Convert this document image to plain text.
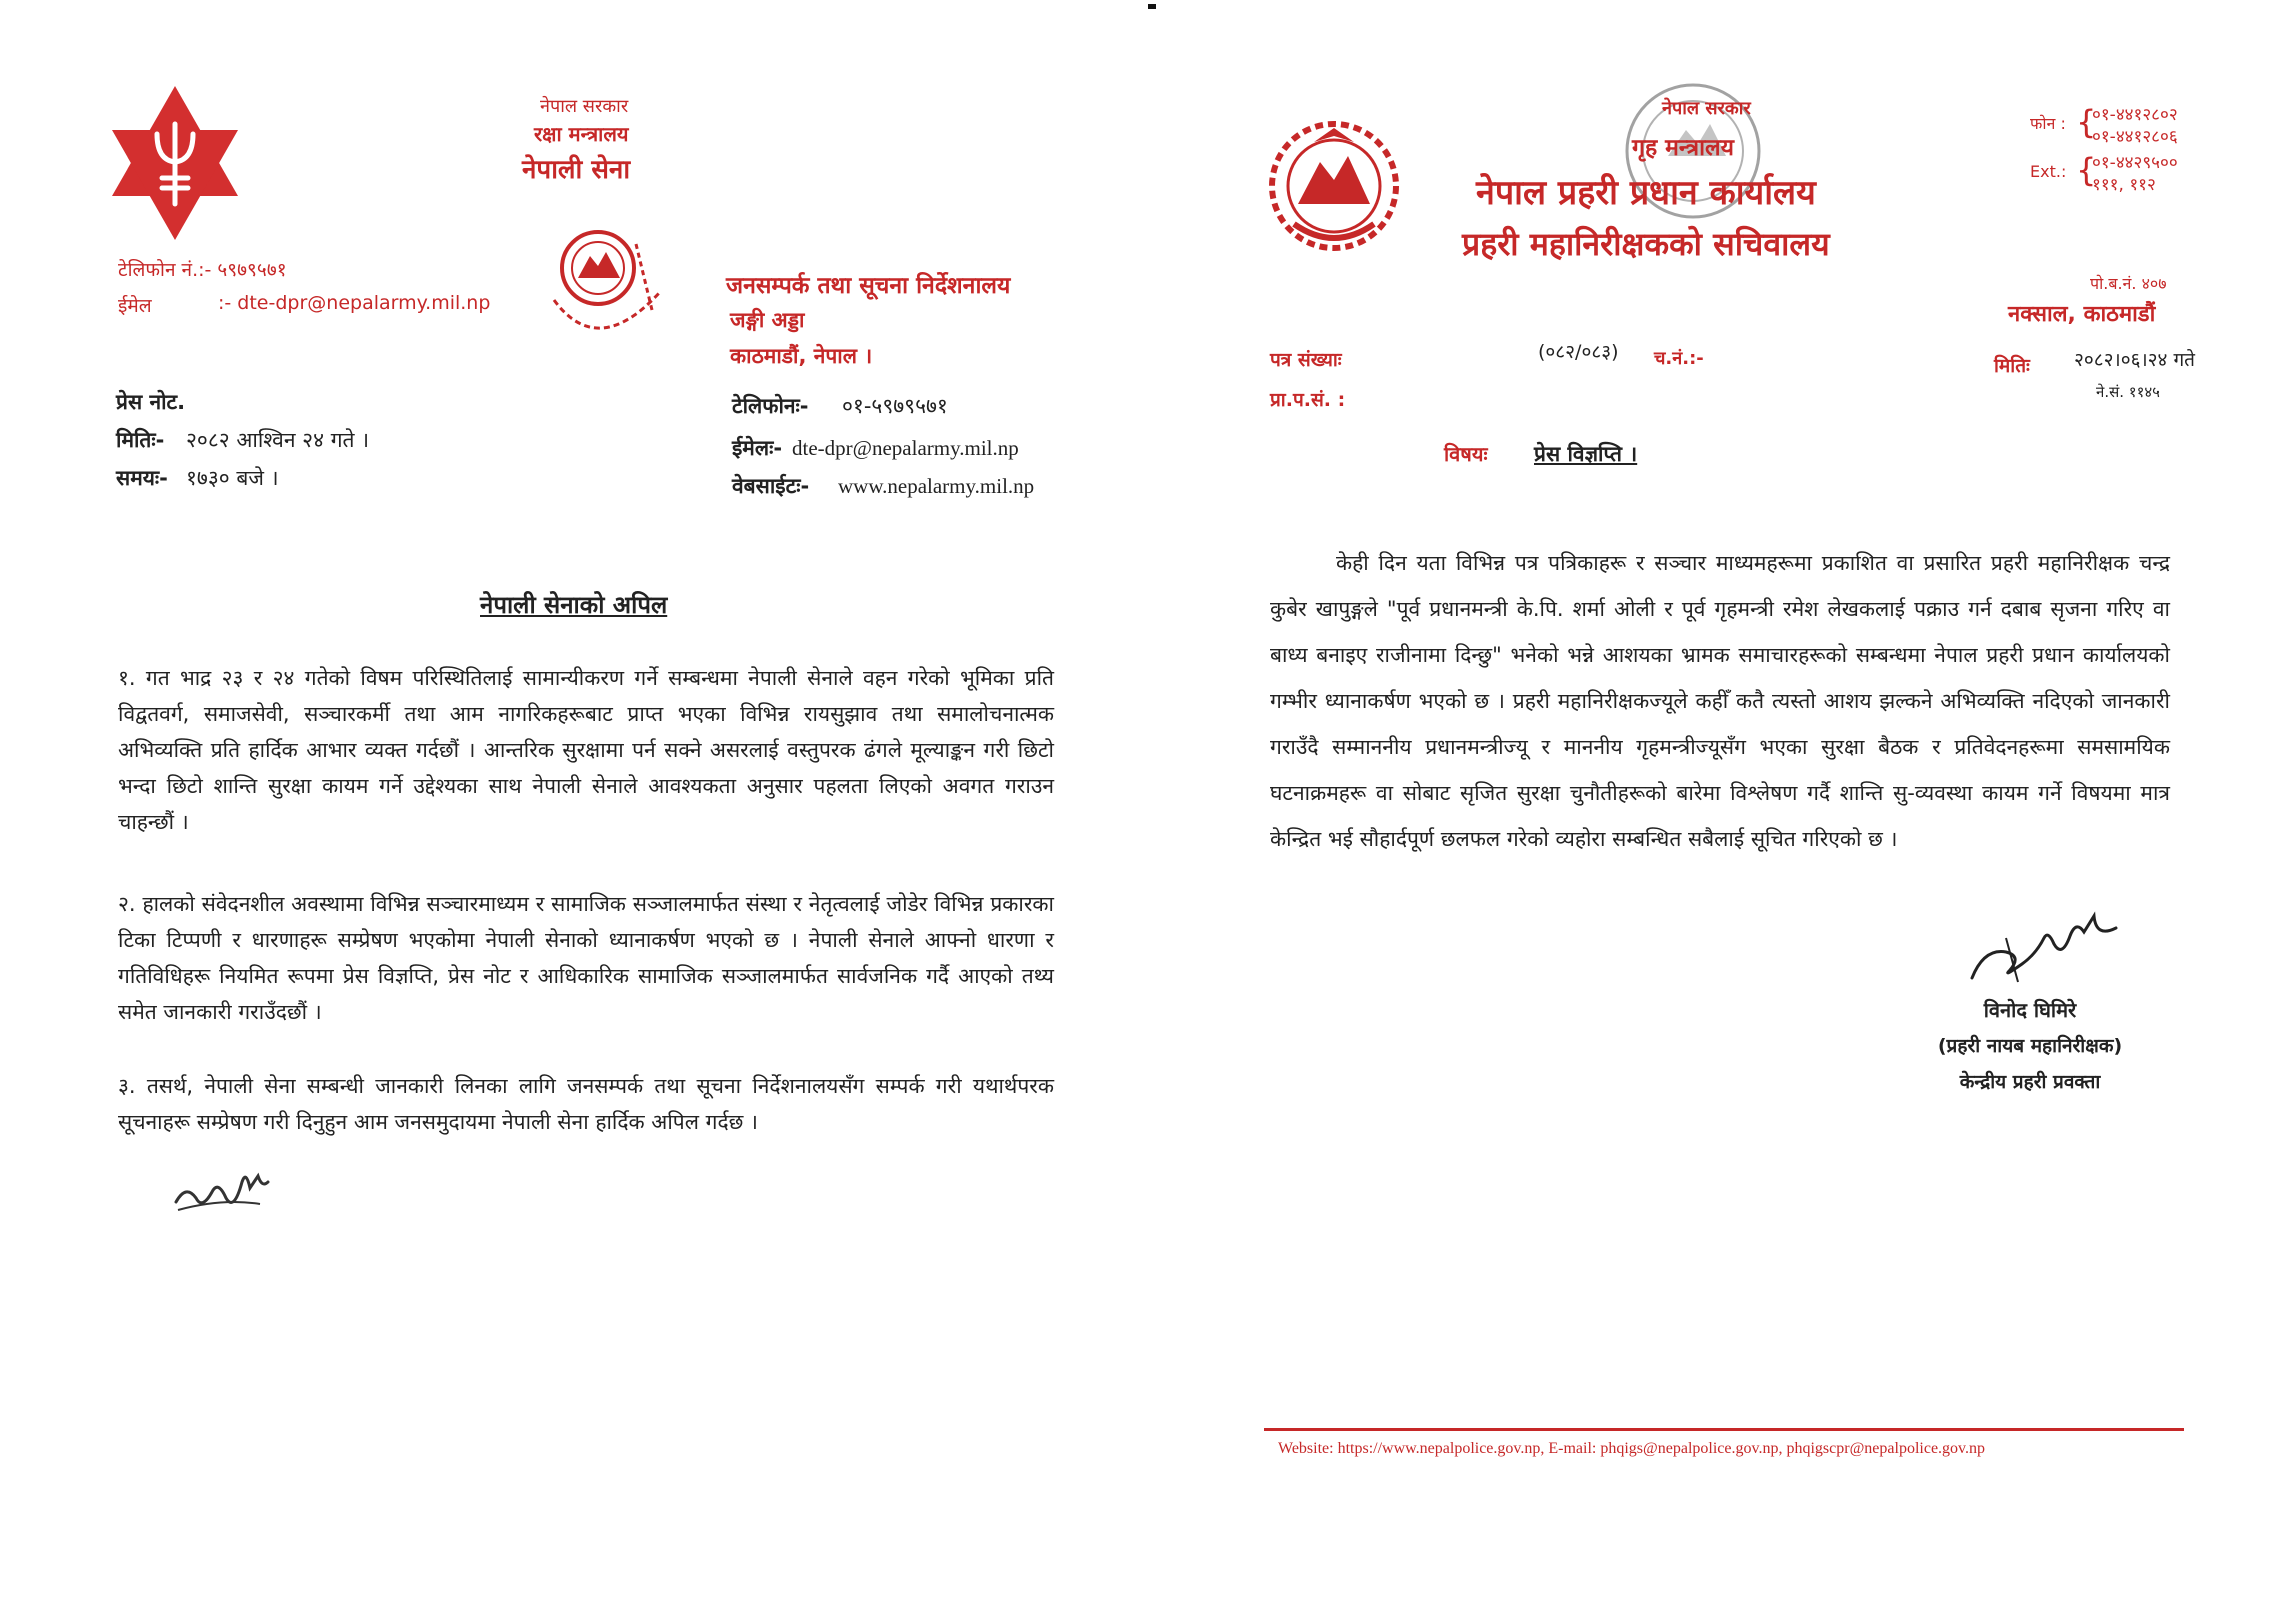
नेपाल सरकार
रक्षा मन्त्रालय
नेपाली सेना
टेलिफोन नं.:- ५९७९५७१
ईमेल	:- dte-dpr@nepalarmy.mil.np
जनसम्पर्क तथा सूचना निर्देशनालय
जङ्गी अड्डा
काठमाडौं, नेपाल ।
टेलिफोनः- ०१-५९७९५७१
ईमेलः- dte-dpr@nepalarmy.mil.np
वेबसाईटः- www.nepalarmy.mil.np
प्रेस नोट.
मितिः- २०८२ आश्विन २४ गते ।
समयः- १७३० बजे ।
नेपाली सेनाको अपिल
१. गत भाद्र २३ र २४ गतेको विषम परिस्थितिलाई सामान्यीकरण गर्ने सम्बन्धमा नेपाली सेनाले वहन गरेको भूमिका प्रति विद्वतवर्ग, समाजसेवी, सञ्चारकर्मी तथा आम नागरिकहरूबाट प्राप्त भएका विभिन्न रायसुझाव तथा समालोचनात्मक अभिव्यक्ति प्रति हार्दिक आभार व्यक्त गर्दछौं । आन्तरिक सुरक्षामा पर्न सक्ने असरलाई वस्तुपरक ढंगले मूल्याङ्कन गरी छिटो भन्दा छिटो शान्ति सुरक्षा कायम गर्ने उद्देश्यका साथ नेपाली सेनाले आवश्यकता अनुसार पहलता लिएको अवगत गराउन चाहन्छौं ।
२. हालको संवेदनशील अवस्थामा विभिन्न सञ्चारमाध्यम र सामाजिक सञ्जालमार्फत संस्था र नेतृत्वलाई जोडेर विभिन्न प्रकारका टिका टिप्पणी र धारणाहरू सम्प्रेषण भएकोमा नेपाली सेनाको ध्यानाकर्षण भएको छ । नेपाली सेनाले आफ्नो धारणा र गतिविधिहरू नियमित रूपमा प्रेस विज्ञप्ति, प्रेस नोट र आधिकारिक सामाजिक सञ्जालमार्फत सार्वजनिक गर्दै आएको तथ्य समेत जानकारी गराउँदछौं ।
३. तसर्थ, नेपाली सेना सम्बन्धी जानकारी लिनका लागि जनसम्पर्क तथा सूचना निर्देशनालयसँग सम्पर्क गरी यथार्थपरक सूचनाहरू सम्प्रेषण गरी दिनुहुन आम जनसमुदायमा नेपाली सेना हार्दिक अपिल गर्दछ ।
नेपाल सरकार
गृह मन्त्रालय
नेपाल प्रहरी प्रधान कार्यालय
प्रहरी महानिरीक्षकको सचिवालय
फोन : {
०१-४४१२८०२
०१-४४१२८०६
Ext.: {
०१-४४२९५००
१११, ११२
पो.ब.नं. ४०७
नक्साल, काठमाडौं
पत्र संख्याः	(०८२/०८३) च.नं.:-	मितिः २०८२।०६।२४ गते
प्रा.प.सं. :	ने.सं. ११४५
विषयः प्रेस विज्ञप्ति ।
केही दिन यता विभिन्न पत्र पत्रिकाहरू र सञ्चार माध्यमहरूमा प्रकाशित वा प्रसारित प्रहरी महानिरीक्षक चन्द्र कुबेर खापुङ्गले "पूर्व प्रधानमन्त्री के.पि. शर्मा ओली र पूर्व गृहमन्त्री रमेश लेखकलाई पक्राउ गर्न दबाब सृजना गरिए वा बाध्य बनाइए राजीनामा दिन्छु" भनेको भन्ने आशयका भ्रामक समाचारहरूको सम्बन्धमा नेपाल प्रहरी प्रधान कार्यालयको गम्भीर ध्यानाकर्षण भएको छ । प्रहरी महानिरीक्षकज्यूले कहीँ कतै त्यस्तो आशय झल्कने अभिव्यक्ति नदिएको जानकारी गराउँदै सम्माननीय प्रधानमन्त्रीज्यू र माननीय गृहमन्त्रीज्यूसँग भएका सुरक्षा बैठक र प्रतिवेदनहरूमा समसामयिक घटनाक्रमहरू वा सोबाट सृजित सुरक्षा चुनौतीहरूको बारेमा विश्लेषण गर्दै शान्ति सु-व्यवस्था कायम गर्ने विषयमा मात्र केन्द्रित भई सौहार्दपूर्ण छलफल गरेको व्यहोरा सम्बन्धित सबैलाई सूचित गरिएको छ ।
विनोद घिमिरे
(प्रहरी नायब महानिरीक्षक)
केन्द्रीय प्रहरी प्रवक्ता
Website: https://www.nepalpolice.gov.np, E-mail: phqigs@nepalpolice.gov.np, phqigscpr@nepalpolice.gov.np
